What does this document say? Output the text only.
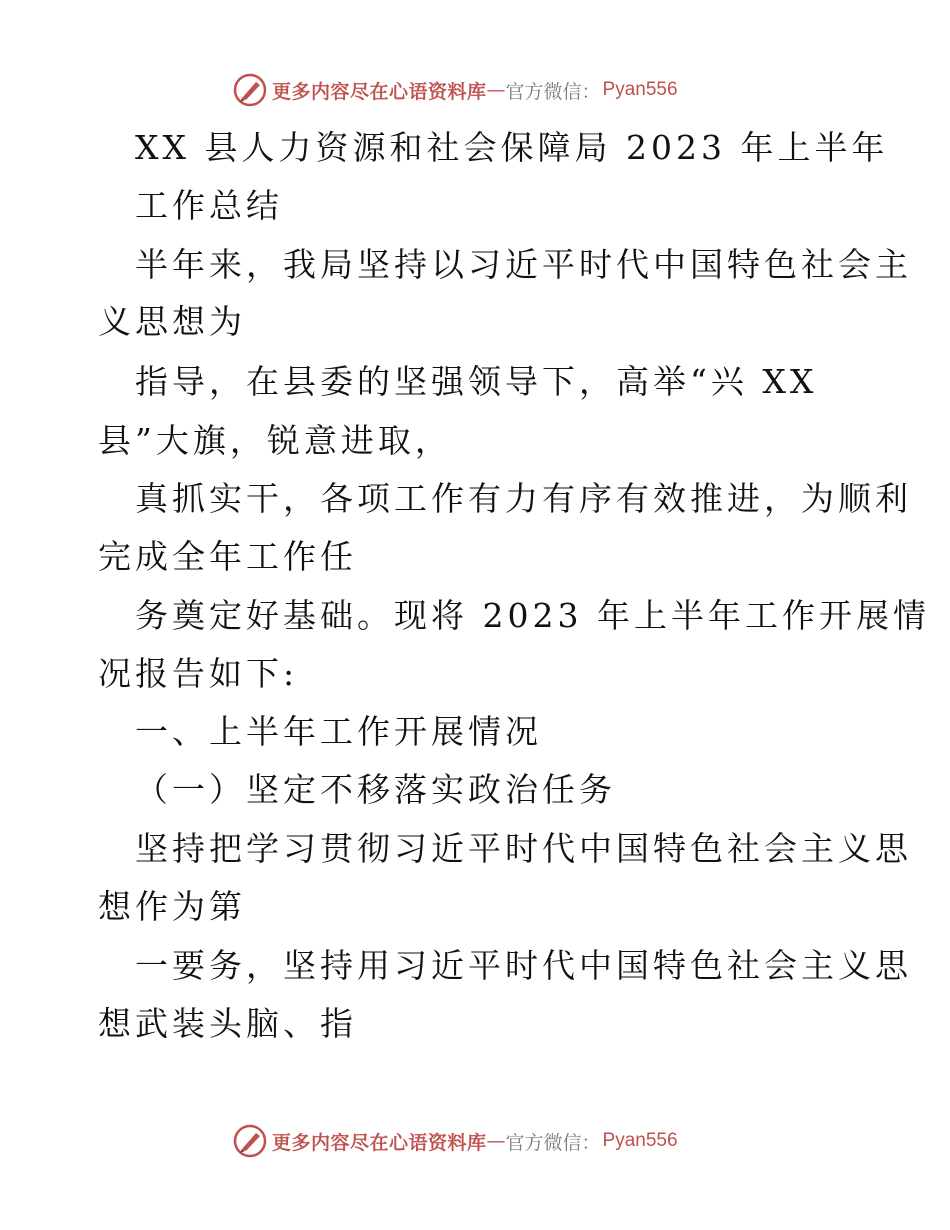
更多内容尽在心语资料库 — 官方微信： Pyan556
XX 县人力资源和社会保障局 2023 年上半年
工作总结
半年来，我局坚持以习近平时代中国特色社会主
义思想为
指导，在县委的坚强领导下，高举“兴 XX
县”大旗，锐意进取，
真抓实干，各项工作有力有序有效推进，为顺利
完成全年工作任
务奠定好基础。现将 2023 年上半年工作开展情
况报告如下:
一、上半年工作开展情况
（一）坚定不移落实政治任务
坚持把学习贯彻习近平时代中国特色社会主义思
想作为第
一要务，坚持用习近平时代中国特色社会主义思
想武装头脑、指
更多内容尽在心语资料库 — 官方微信： Pyan556
